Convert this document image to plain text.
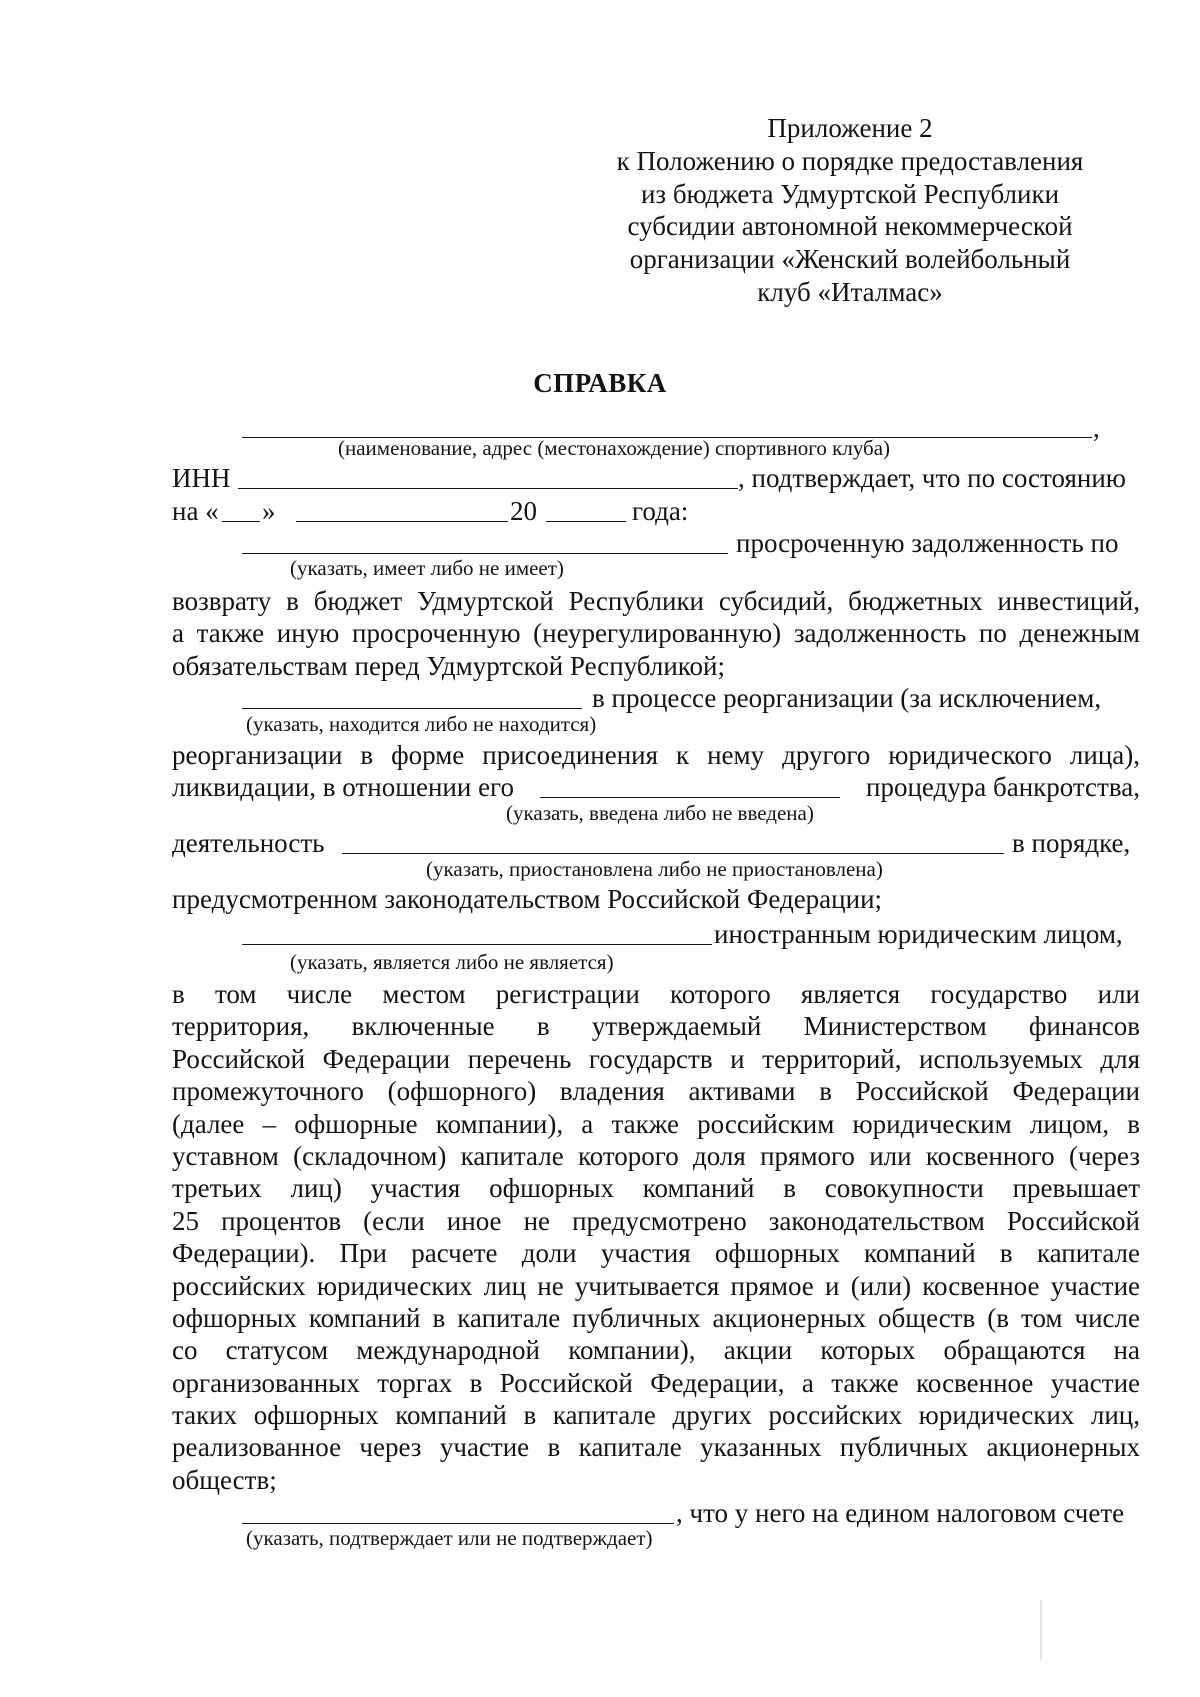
Приложение 2
к Положению о порядке предоставления
из бюджета Удмуртской Республики
субсидии автономной некоммерческой
организации «Женский волейбольный
клуб «Италмас»
СПРАВКА
,
(наименование, адрес (местонахождение) спортивного клуба)
ИНН	, подтверждает, что по состоянию
на « »	20	года:
просроченную задолженность по
(указать, имеет либо не имеет)
возврату в бюджет Удмуртской Республики субсидий, бюджетных инвестиций,
а также иную просроченную (неурегулированную) задолженность по денежным
обязательствам перед Удмуртской Республикой;
в процессе реорганизации (за исключением,
(указать, находится либо не находится)
реорганизации в форме присоединения к нему другого юридического лица),
ликвидации, в отношении его	процедура банкротства,
(указать, введена либо не введена)
деятельность	в порядке,
(указать, приостановлена либо не приостановлена)
предусмотренном законодательством Российской Федерации;
иностранным юридическим лицом,
(указать, является либо не является)
в том числе местом регистрации которого является государство или
территория, включенные в утверждаемый Министерством финансов
Российской Федерации перечень государств и территорий, используемых для
промежуточного (офшорного) владения активами в Российской Федерации
(далее – офшорные компании), а также российским юридическим лицом, в
уставном (складочном) капитале которого доля прямого или косвенного (через
третьих лиц) участия офшорных компаний в совокупности превышает
25 процентов (если иное не предусмотрено законодательством Российской
Федерации). При расчете доли участия офшорных компаний в капитале
российских юридических лиц не учитывается прямое и (или) косвенное участие
офшорных компаний в капитале публичных акционерных обществ (в том числе
со статусом международной компании), акции которых обращаются на
организованных торгах в Российской Федерации, а также косвенное участие
таких офшорных компаний в капитале других российских юридических лиц,
реализованное через участие в капитале указанных публичных акционерных
обществ;
, что у него на едином налоговом счете
(указать, подтверждает или не подтверждает)
